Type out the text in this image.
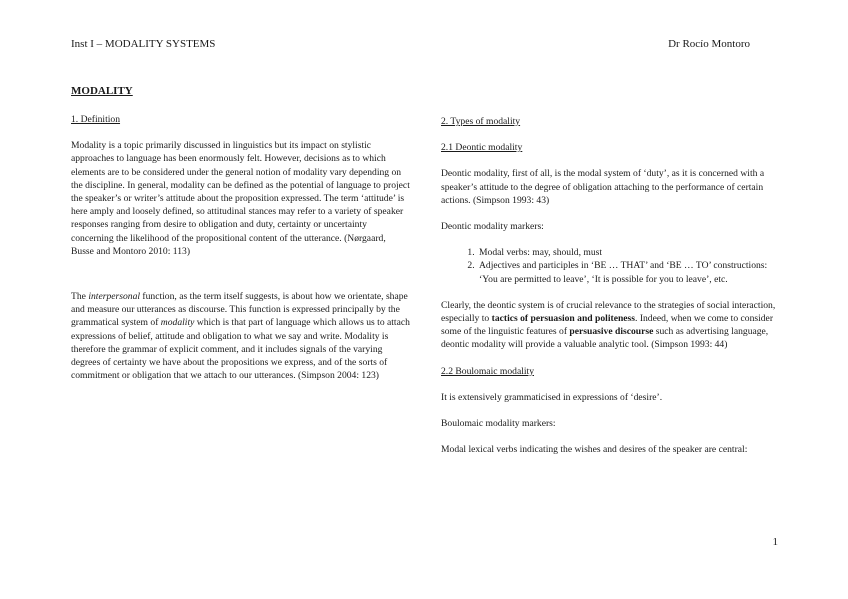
Inst I – MODALITY SYSTEMS	Dr Rocío Montoro
MODALITY

1. Definition

Modality is a topic primarily discussed in linguistics but its impact on stylistic approaches to language has been enormously felt. However, decisions as to which elements are to be considered under the general notion of modality vary depending on the discipline. In general, modality can be defined as the potential of language to project the speaker’s or writer’s attitude about the proposition expressed. The term ‘attitude’ is here amply and loosely defined, so attitudinal stances may refer to a variety of speaker responses ranging from desire to obligation and duty, certainty or uncertainty concerning the likelihood of the propositional content of the utterance. (Nørgaard, Busse and Montoro 2010: 113)

The interpersonal function, as the term itself suggests, is about how we orientate, shape and measure our utterances as discourse. This function is expressed principally by the grammatical system of modality which is that part of language which allows us to attach expressions of belief, attitude and obligation to what we say and write. Modality is therefore the grammar of explicit comment, and it includes signals of the varying degrees of certainty we have about the propositions we express, and of the sorts of commitment or obligation that we attach to our utterances. (Simpson 2004: 123)

2. Types of modality

2.1 Deontic modality

Deontic modality, first of all, is the modal system of ‘duty’, as it is concerned with a speaker’s attitude to the degree of obligation attaching to the performance of certain actions. (Simpson 1993: 43)

Deontic modality markers:

1. Modal verbs: may, should, must
2. Adjectives and participles in ‘BE … THAT’ and ‘BE … TO’ constructions: ‘You are permitted to leave’, ‘It is possible for you to leave’, etc.

Clearly, the deontic system is of crucial relevance to the strategies of social interaction, especially to tactics of persuasion and politeness. Indeed, when we come to consider some of the linguistic features of persuasive discourse such as advertising language, deontic modality will provide a valuable analytic tool. (Simpson 1993: 44)

2.2 Boulomaic modality

It is extensively grammaticised in expressions of ‘desire’.

Boulomaic modality markers:

Modal lexical verbs indicating the wishes and desires of the speaker are central:

1
